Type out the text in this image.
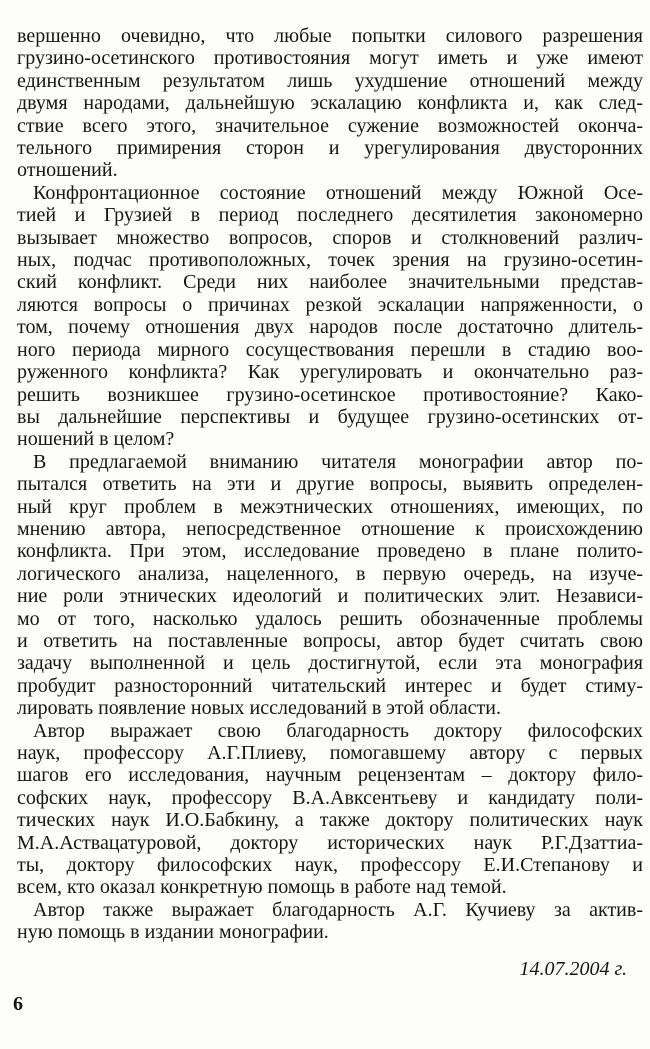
вершенно очевидно, что любые попытки силового разрешения
грузино-осетинского противостояния могут иметь и уже имеют
единственным результатом лишь ухудшение отношений между
двумя народами, дальнейшую эскалацию конфликта и, как след-
ствие всего этого, значительное сужение возможностей оконча-
тельного примирения сторон и урегулирования двусторонних
отношений.
Конфронтационное состояние отношений между Южной Осе-
тией и Грузией в период последнего десятилетия закономерно
вызывает множество вопросов, споров и столкновений различ-
ных, подчас противоположных, точек зрения на грузино-осетин-
ский конфликт. Среди них наиболее значительными представ-
ляются вопросы о причинах резкой эскалации напряженности, о
том, почему отношения двух народов после достаточно длитель-
ного периода мирного сосуществования перешли в стадию воо-
руженного конфликта? Как урегулировать и окончательно раз-
решить возникшее грузино-осетинское противостояние? Како-
вы дальнейшие перспективы и будущее грузино-осетинских от-
ношений в целом?
В предлагаемой вниманию читателя монографии автор по-
пытался ответить на эти и другие вопросы, выявить определен-
ный круг проблем в межэтнических отношениях, имеющих, по
мнению автора, непосредственное отношение к происхождению
конфликта. При этом, исследование проведено в плане полито-
логического анализа, нацеленного, в первую очередь, на изуче-
ние роли этнических идеологий и политических элит. Независи-
мо от того, насколько удалось решить обозначенные проблемы
и ответить на поставленные вопросы, автор будет считать свою
задачу выполненной и цель достигнутой, если эта монография
пробудит разносторонний читательский интерес и будет стиму-
лировать появление новых исследований в этой области.
Автор выражает свою благодарность доктору философских
наук, профессору А.Г.Плиеву, помогавшему автору с первых
шагов его исследования, научным рецензентам – доктору фило-
софских наук, профессору В.А.Авксентьеву и кандидату поли-
тических наук И.О.Бабкину, а также доктору политических наук
М.А.Аствацатуровой, доктору исторических наук Р.Г.Дзаттиа-
ты, доктору философских наук, профессору Е.И.Степанову и
всем, кто оказал конкретную помощь в работе над темой.
Автор также выражает благодарность А.Г. Кучиеву за актив-
ную помощь в издании монографии.
14.07.2004 г.
6
